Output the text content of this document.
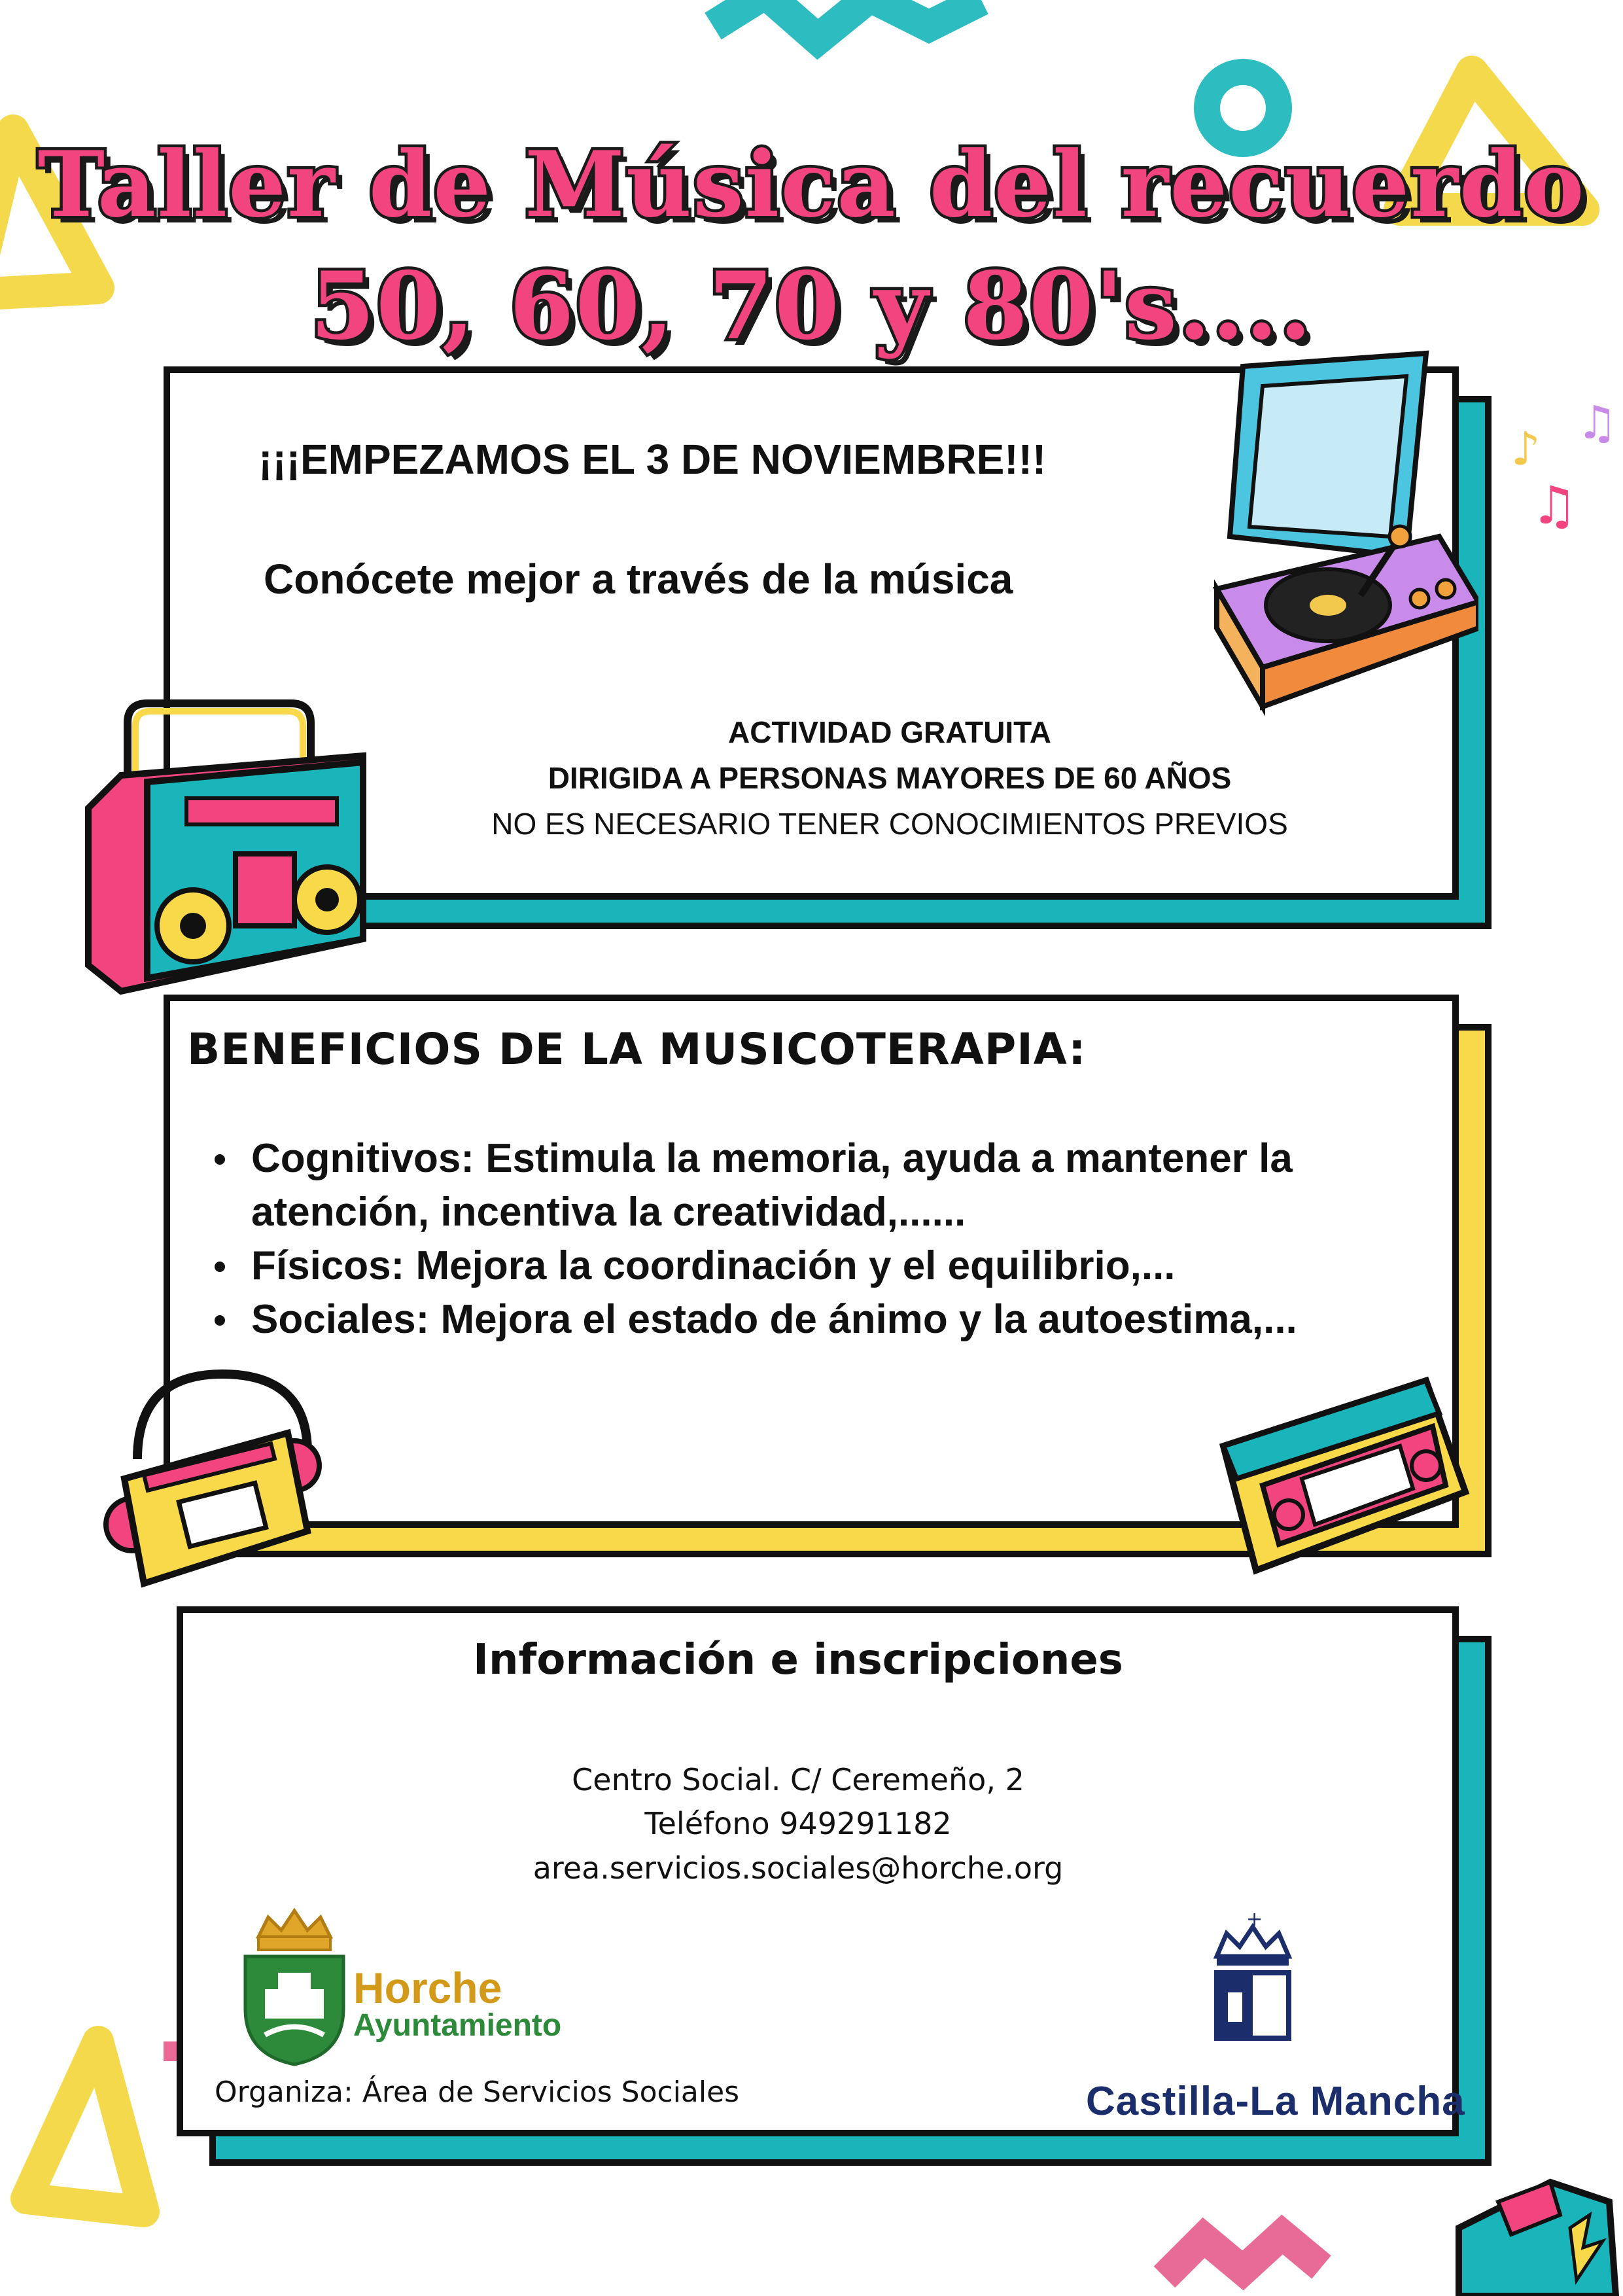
Taller de Música del recuerdo
50, 60, 70 y 80's....
¡¡¡EMPEZAMOS EL 3 DE NOVIEMBRE!!!
Conócete mejor a través de la música
ACTIVIDAD GRATUITA
DIRIGIDA A PERSONAS MAYORES DE 60 AÑOS
NO ES NECESARIO TENER CONOCIMIENTOS PREVIOS
♪ ♫
♫
BENEFICIOS DE LA MUSICOTERAPIA:
Cognitivos: Estimula la memoria, ayuda a mantener la atención, incentiva la creatividad,......
Físicos: Mejora la coordinación y el equilibrio,...
Sociales: Mejora el estado de ánimo y la autoestima,...
Información e inscripciones
Centro Social. C/ Ceremeño, 2
Teléfono 949291182
area.servicios.sociales@horche.org
Horche
Ayuntamiento
Organiza: Área de Servicios Sociales
+
Castilla-La Mancha
